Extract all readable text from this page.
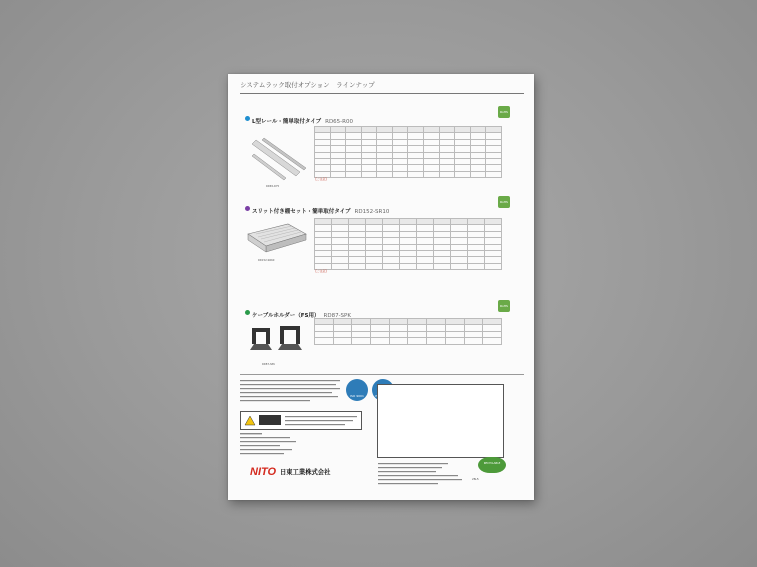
システムラック取付オプション　ラインナップ
L型レール・簡単取付タイプ RD65-R00
RoHS
RD65-R75

【ご注意】
スリット付き棚セット・簡単取付タイプ RD152-SR10
RoHS
RD152-SR60

【ご注意】
ケーブルホルダー（FS用） RD87-SPK
RoHS
RD87-SPK

ISO 9001
NITO 日東工業株式会社
RECYCLABLE
2N-5
